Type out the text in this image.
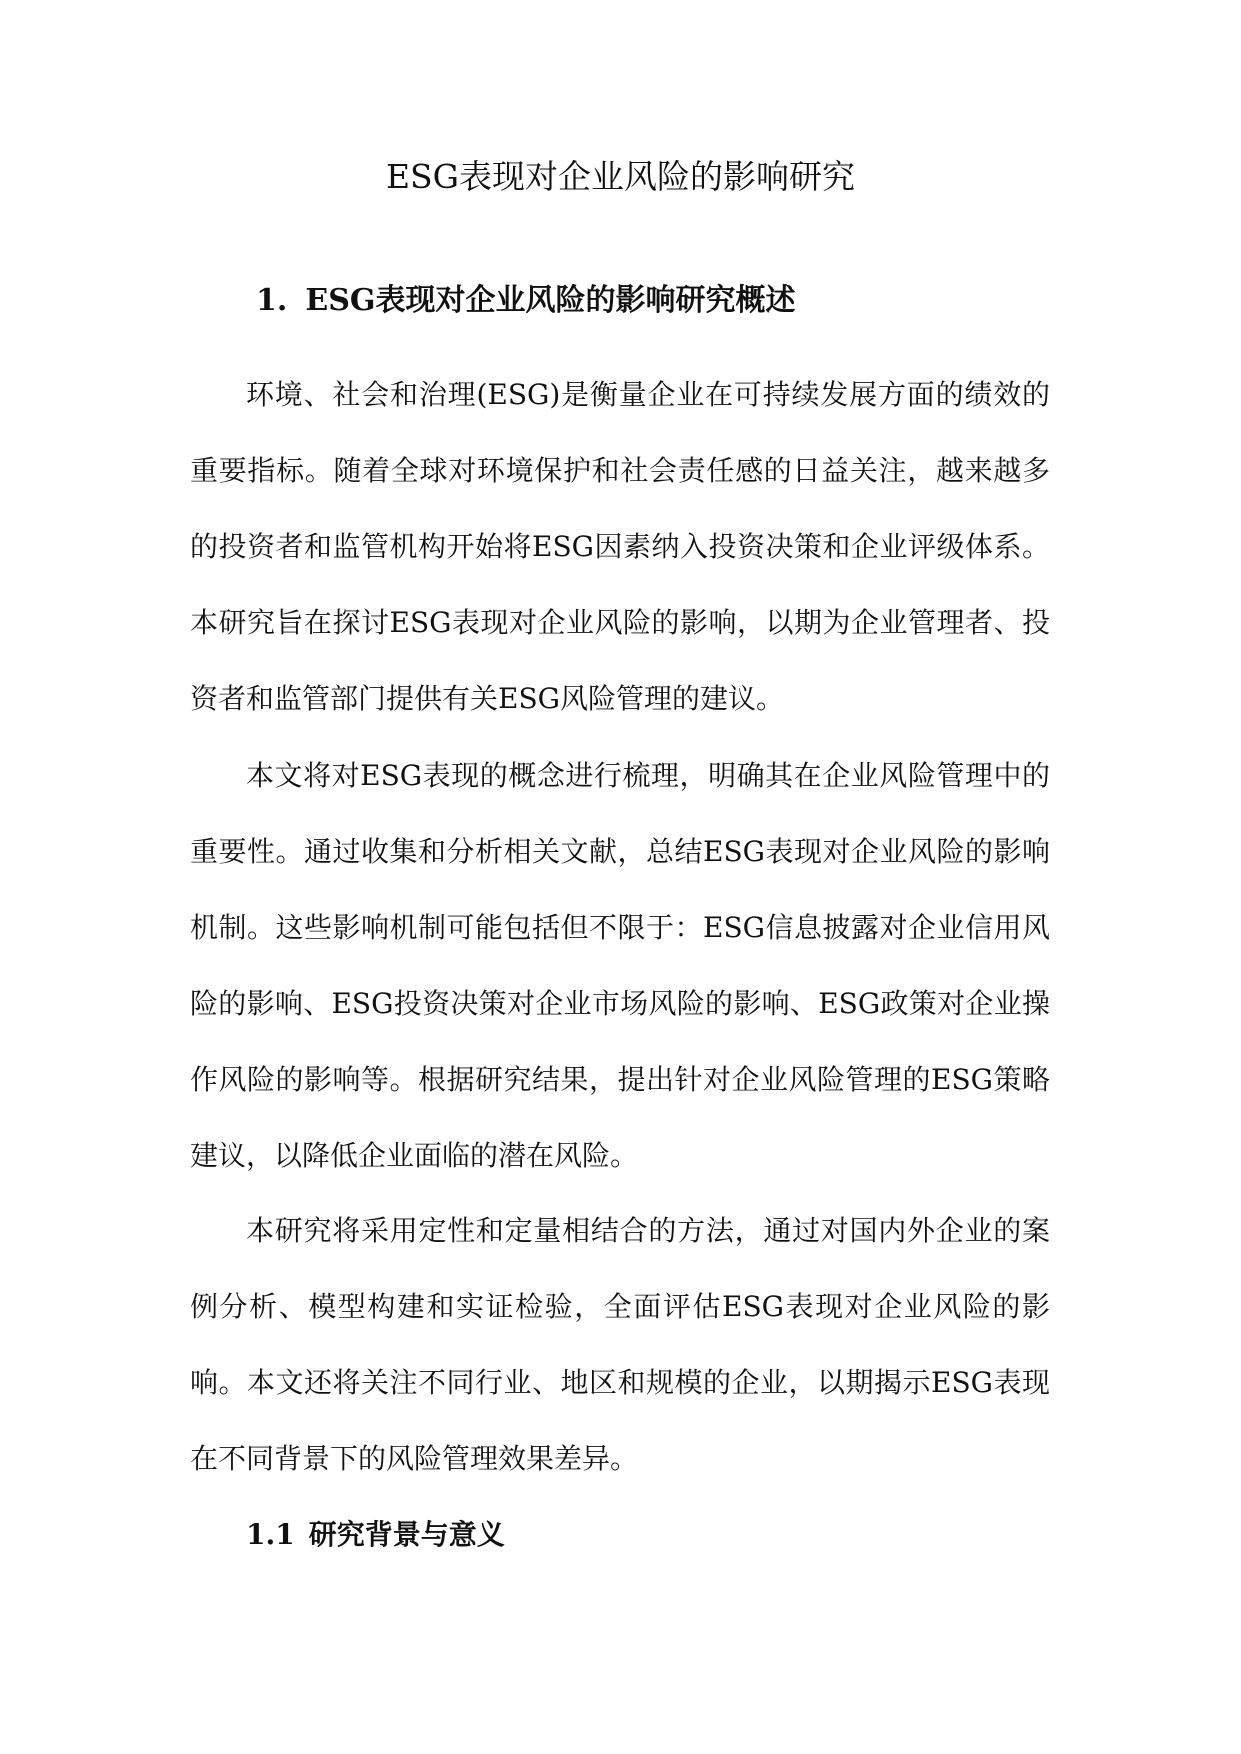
ESG表现对企业风险的影响研究
1. ESG表现对企业风险的影响研究概述

环境、社会和治理(ESG)是衡量企业在可持续发展方面的绩效的重要指标。随着全球对环境保护和社会责任感的日益关注，越来越多的投资者和监管机构开始将ESG因素纳入投资决策和企业评级体系。本研究旨在探讨ESG表现对企业风险的影响，以期为企业管理者、投资者和监管部门提供有关ESG风险管理的建议。

本文将对ESG表现的概念进行梳理，明确其在企业风险管理中的重要性。通过收集和分析相关文献，总结ESG表现对企业风险的影响机制。这些影响机制可能包括但不限于：ESG信息披露对企业信用风险的影响、ESG投资决策对企业市场风险的影响、ESG政策对企业操作风险的影响等。根据研究结果，提出针对企业风险管理的ESG策略建议，以降低企业面临的潜在风险。

本研究将采用定性和定量相结合的方法，通过对国内外企业的案例分析、模型构建和实证检验，全面评估ESG表现对企业风险的影响。本文还将关注不同行业、地区和规模的企业，以期揭示ESG表现在不同背景下的风险管理效果差异。

1.1 研究背景与意义
